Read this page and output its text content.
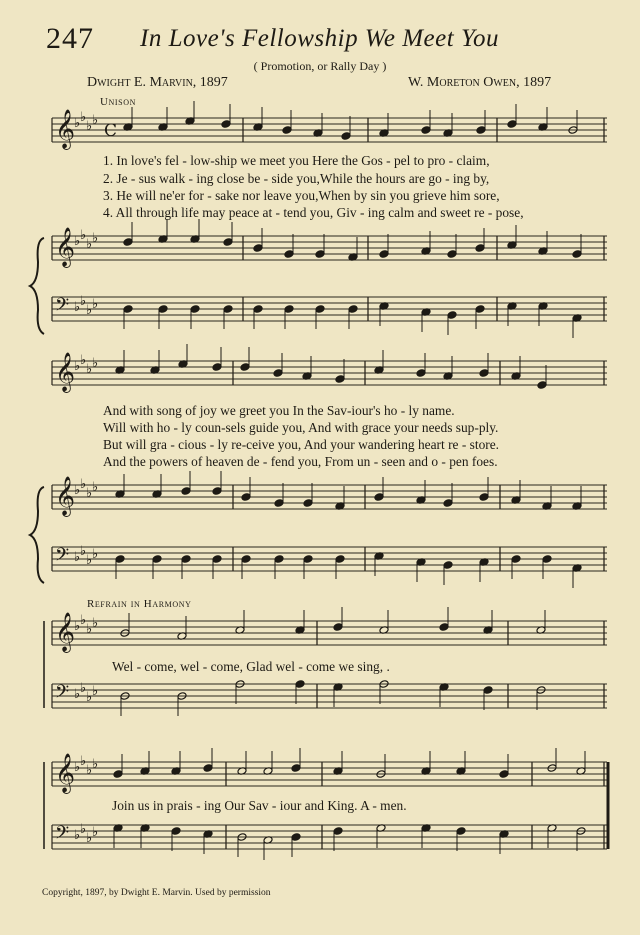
247 In Love's Fellowship We Meet You
( Promotion, or Rally Day )
Dwight E. Marvin, 1897	W. Moreton Owen, 1897
Unison
Refrain in Harmony
1. In love's fel - low-ship we meet you Here the Gos - pel to pro - claim,
2. Je - sus walk - ing close be - side you,While the hours are go - ing by,
3. He will ne'er for - sake nor leave you,When by sin you grieve him sore,
4. All through life may peace at - tend you, Giv - ing calm and sweet re - pose,
And with song of joy we greet you In the Sav-iour's ho - ly name.
Will with ho - ly coun-sels guide you, And with grace your needs sup-ply.
But will gra - cious - ly re-ceive you, And your wandering heart re - store.
And the powers of heaven de - fend you, From un - seen and o - pen foes.
Wel - come, wel - come, Glad wel - come we sing, .
Join us in prais - ing Our Sav - iour and King. A - men.
Copyright, 1897, by Dwight E. Marvin. Used by permission
𝄞
♭ ♭
♭ ♭
C
𝄞
♭ ♭
♭ ♭
𝄢 ♭ ♭
♭ ♭
𝄞
♭ ♭
♭ ♭
𝄞
♭ ♭
♭ ♭
𝄢 ♭ ♭
♭ ♭
𝄞
♭ ♭
♭ ♭
𝄢 ♭ ♭
♭ ♭
𝄞
♭ ♭
♭ ♭
𝄢 ♭ ♭
♭ ♭
